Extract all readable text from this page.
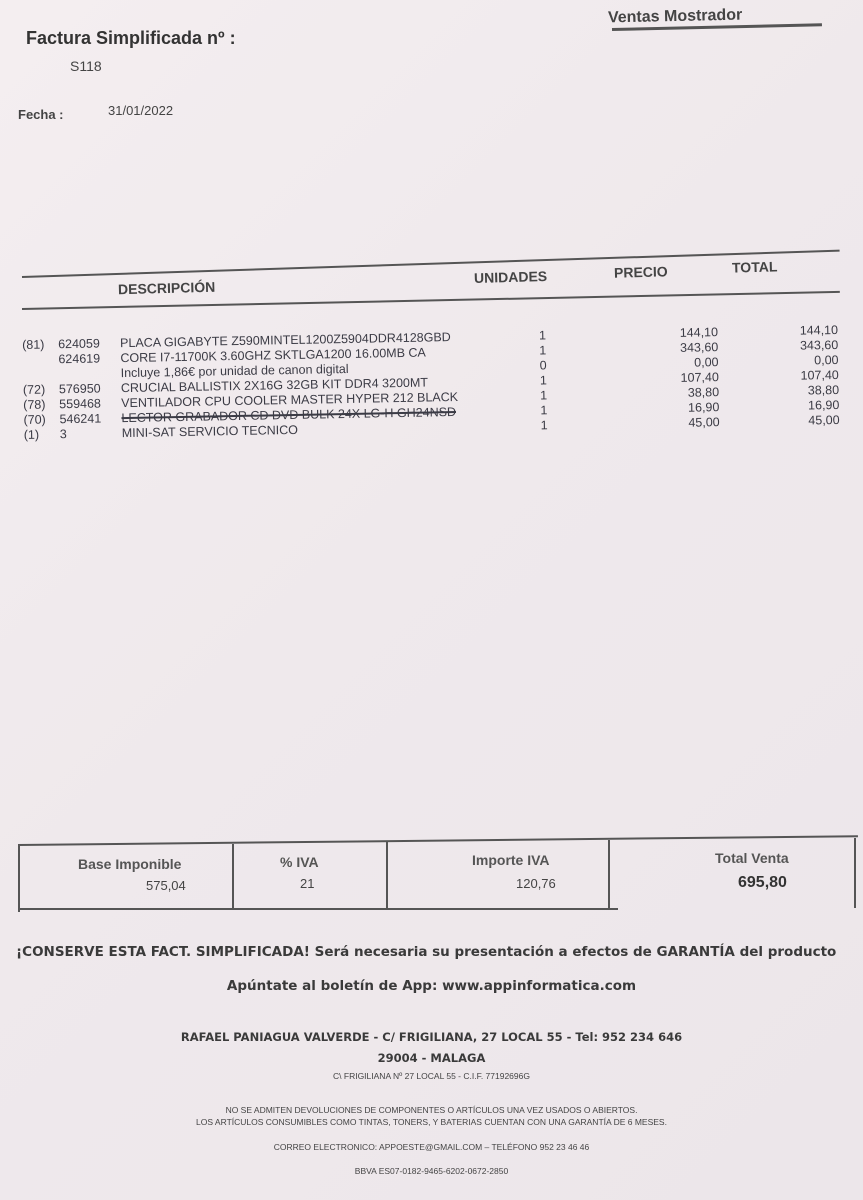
Factura Simplificada nº :
S118
Fecha :	31/01/2022
Ventas Mostrador
DESCRIPCIÓN
UNIDADES	PRECIO	TOTAL
(81) 624059 PLACA GIGABYTE Z590MINTEL1200Z5904DDR4128GBD	1	144,10	144,10
624619 CORE I7-11700K 3.60GHZ SKTLGA1200 16.00MB CA	1	343,60	343,60
Incluye 1,86€ por unidad de canon digital	0	0,00	0,00
(72) 576950 CRUCIAL BALLISTIX 2X16G 32GB KIT DDR4 3200MT	1	107,40	107,40
(78) 559468 VENTILADOR CPU COOLER MASTER HYPER 212 BLACK	1	38,80	38,80
(70) 546241 LECTOR GRABADOR CD DVD BULK 24X LG-H GH24NSD	1	16,90	16,90
(1) 3	MINI-SAT SERVICIO TECNICO	1	45,00	45,00
Base Imponible
575,04
% IVA
21
Importe IVA
120,76
Total Venta
695,80
¡CONSERVE ESTA FACT. SIMPLIFICADA! Será necesaria su presentación a efectos de GARANTÍA del producto
Apúntate al boletín de App: www.appinformatica.com
RAFAEL PANIAGUA VALVERDE - C/ FRIGILIANA, 27 LOCAL 55 - Tel: 952 234 646
29004 - MALAGA
C\ FRIGILIANA Nº 27 LOCAL 55 - C.I.F. 77192696G
NO SE ADMITEN DEVOLUCIONES DE COMPONENTES O ARTÍCULOS UNA VEZ USADOS O ABIERTOS.
LOS ARTÍCULOS CONSUMIBLES COMO TINTAS, TONERS, Y BATERIAS CUENTAN CON UNA GARANTÍA DE 6 MESES.
CORREO ELECTRONICO: APPOESTE@GMAIL.COM – TELÉFONO 952 23 46 46
BBVA ES07-0182-9465-6202-0672-2850
